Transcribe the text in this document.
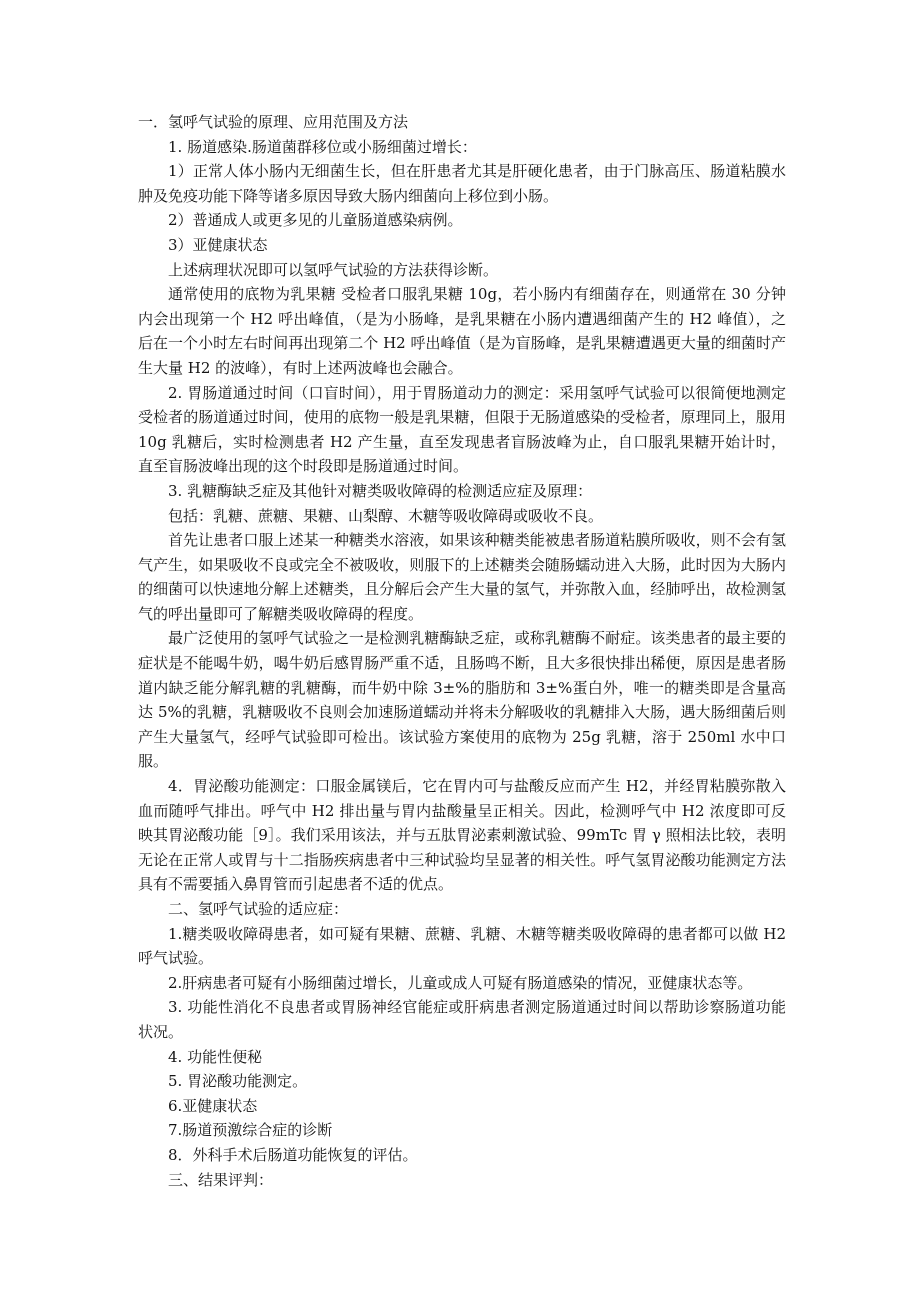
一．氢呼气试验的原理、应用范围及方法

1. 肠道感染.肠道菌群移位或小肠细菌过增长：

1）正常人体小肠内无细菌生长，但在肝患者尤其是肝硬化患者，由于门脉高压、肠道粘膜水肿及免疫功能下降等诸多原因导致大肠内细菌向上移位到小肠。

2）普通成人或更多见的儿童肠道感染病例。

3）亚健康状态

上述病理状况即可以氢呼气试验的方法获得诊断。

通常使用的底物为乳果糖 受检者口服乳果糖 10g，若小肠内有细菌存在，则通常在 30 分钟内会出现第一个 H2 呼出峰值，（是为小肠峰，是乳果糖在小肠内遭遇细菌产生的 H2 峰值），之后在一个小时左右时间再出现第二个 H2 呼出峰值（是为盲肠峰，是乳果糖遭遇更大量的细菌时产生大量 H2 的波峰），有时上述两波峰也会融合。

2. 胃肠道通过时间（口盲时间），用于胃肠道动力的测定：采用氢呼气试验可以很简便地测定受检者的肠道通过时间，使用的底物一般是乳果糖，但限于无肠道感染的受检者，原理同上，服用 10g 乳糖后，实时检测患者 H2 产生量，直至发现患者盲肠波峰为止，自口服乳果糖开始计时，直至盲肠波峰出现的这个时段即是肠道通过时间。

3. 乳糖酶缺乏症及其他针对糖类吸收障碍的检测适应症及原理：

包括：乳糖、蔗糖、果糖、山梨醇、木糖等吸收障碍或吸收不良。

首先让患者口服上述某一种糖类水溶液，如果该种糖类能被患者肠道粘膜所吸收，则不会有氢气产生，如果吸收不良或完全不被吸收，则服下的上述糖类会随肠蠕动进入大肠，此时因为大肠内的细菌可以快速地分解上述糖类，且分解后会产生大量的氢气，并弥散入血，经肺呼出，故检测氢气的呼出量即可了解糖类吸收障碍的程度。

最广泛使用的氢呼气试验之一是检测乳糖酶缺乏症，或称乳糖酶不耐症。该类患者的最主要的症状是不能喝牛奶，喝牛奶后感胃肠严重不适，且肠鸣不断，且大多很快排出稀便，原因是患者肠道内缺乏能分解乳糖的乳糖酶，而牛奶中除 3±%的脂肪和 3±%蛋白外，唯一的糖类即是含量高达 5%的乳糖，乳糖吸收不良则会加速肠道蠕动并将未分解吸收的乳糖排入大肠，遇大肠细菌后则产生大量氢气，经呼气试验即可检出。该试验方案使用的底物为 25g 乳糖，溶于 250ml 水中口服。

4．胃泌酸功能测定：口服金属镁后，它在胃内可与盐酸反应而产生 H2，并经胃粘膜弥散入血而随呼气排出。呼气中 H2 排出量与胃内盐酸量呈正相关。因此，检测呼气中 H2 浓度即可反映其胃泌酸功能［9］。我们采用该法，并与五肽胃泌素刺激试验、99mTc 胃 γ 照相法比较，表明无论在正常人或胃与十二指肠疾病患者中三种试验均呈显著的相关性。呼气氢胃泌酸功能测定方法具有不需要插入鼻胃管而引起患者不适的优点。

二、氢呼气试验的适应症：

1.糖类吸收障碍患者，如可疑有果糖、蔗糖、乳糖、木糖等糖类吸收障碍的患者都可以做 H2 呼气试验。

2.肝病患者可疑有小肠细菌过增长，儿童或成人可疑有肠道感染的情况，亚健康状态等。

3. 功能性消化不良患者或胃肠神经官能症或肝病患者测定肠道通过时间以帮助诊察肠道功能状况。

4. 功能性便秘

5. 胃泌酸功能测定。

6.亚健康状态

7.肠道预激综合症的诊断

8．外科手术后肠道功能恢复的评估。

三、结果评判：
